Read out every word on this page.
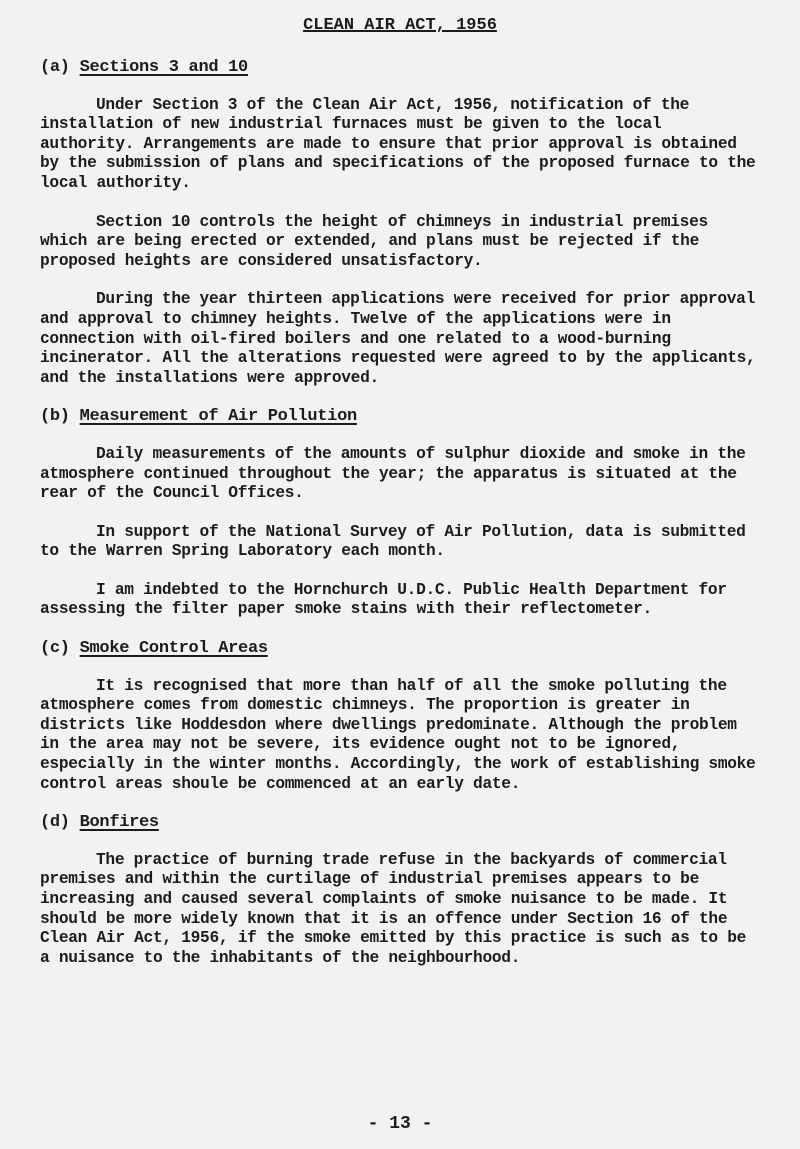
CLEAN AIR ACT, 1956
(a) Sections 3 and 10

Under Section 3 of the Clean Air Act, 1956, notification of the installation of new industrial furnaces must be given to the local authority. Arrangements are made to ensure that prior approval is obtained by the submission of plans and specifications of the proposed furnace to the local authority.

Section 10 controls the height of chimneys in industrial premises which are being erected or extended, and plans must be rejected if the proposed heights are considered unsatisfactory.

During the year thirteen applications were received for prior approval and approval to chimney heights. Twelve of the applications were in connection with oil-fired boilers and one related to a wood-burning incinerator. All the alterations requested were agreed to by the applicants, and the installations were approved.

(b) Measurement of Air Pollution

Daily measurements of the amounts of sulphur dioxide and smoke in the atmosphere continued throughout the year; the apparatus is situated at the rear of the Council Offices.

In support of the National Survey of Air Pollution, data is submitted to the Warren Spring Laboratory each month.

I am indebted to the Hornchurch U.D.C. Public Health Department for assessing the filter paper smoke stains with their reflectometer.

(c) Smoke Control Areas

It is recognised that more than half of all the smoke polluting the atmosphere comes from domestic chimneys. The proportion is greater in districts like Hoddesdon where dwellings predominate. Although the problem in the area may not be severe, its evidence ought not to be ignored, especially in the winter months. Accordingly, the work of establishing smoke control areas shoule be commenced at an early date.

(d) Bonfires

The practice of burning trade refuse in the backyards of commercial premises and within the curtilage of industrial premises appears to be increasing and caused several complaints of smoke nuisance to be made. It should be more widely known that it is an offence under Section 16 of the Clean Air Act, 1956, if the smoke emitted by this practice is such as to be a nuisance to the inhabitants of the neighbourhood.

- 13 -
